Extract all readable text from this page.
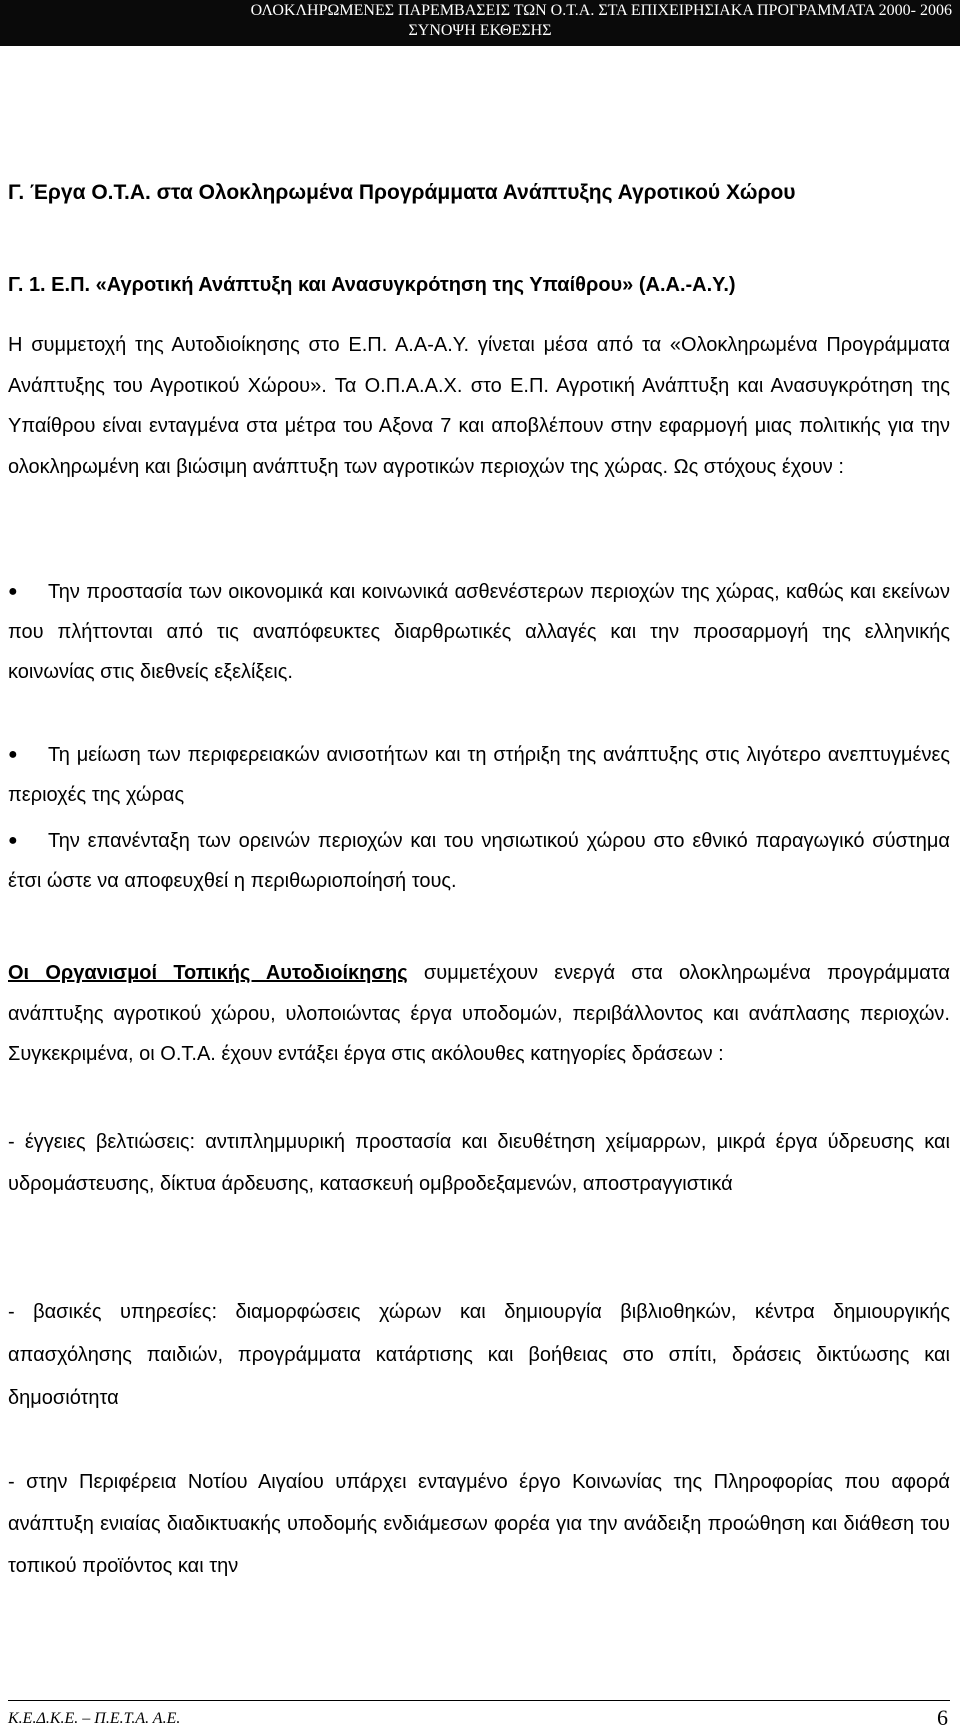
ΟΛΟΚΛΗΡΩΜΕΝΕΣ ΠΑΡΕΜΒΑΣΕΙΣ ΤΩΝ Ο.Τ.Α. ΣΤΑ ΕΠΙΧΕΙΡΗΣΙΑΚΑ ΠΡΟΓΡΑΜΜΑΤΑ 2000- 2006
ΣΥΝΟΨΗ ΕΚΘΕΣΗΣ
Γ. Έργα Ο.Τ.Α. στα Ολοκληρωμένα Προγράμματα Ανάπτυξης Αγροτικού Χώρου
Γ. 1. Ε.Π. «Αγροτική Ανάπτυξη και Ανασυγκρότηση της Υπαίθρου» (Α.Α.-Α.Υ.)
Η συμμετοχή της Αυτοδιοίκησης στο Ε.Π. Α.Α-Α.Υ. γίνεται μέσα από τα «Ολοκληρωμένα Προγράμματα Ανάπτυξης του Αγροτικού Χώρου». Τα Ο.Π.Α.Α.Χ. στο Ε.Π. Αγροτική Ανάπτυξη και Ανασυγκρότηση της Υπαίθρου είναι ενταγμένα στα μέτρα του Αξονα 7 και αποβλέπουν στην εφαρμογή μιας πολιτικής για την ολοκληρωμένη και βιώσιμη ανάπτυξη των αγροτικών περιοχών της χώρας. Ως στόχους έχουν :
●	Την προστασία των οικονομικά και κοινωνικά ασθενέστερων περιοχών της χώρας, καθώς και εκείνων που πλήττονται από τις αναπόφευκτες διαρθρωτικές αλλαγές και την προσαρμογή της ελληνικής κοινωνίας στις διεθνείς εξελίξεις.
●	Τη μείωση των περιφερειακών ανισοτήτων και τη στήριξη της ανάπτυξης στις λιγότερο ανεπτυγμένες περιοχές της χώρας
●	Την επανένταξη των ορεινών περιοχών και του νησιωτικού χώρου στο εθνικό παραγωγικό σύστημα έτσι ώστε να αποφευχθεί η περιθωριοποίησή τους.
Οι Οργανισμοί Τοπικής Αυτοδιοίκησης συμμετέχουν ενεργά στα ολοκληρωμένα προγράμματα ανάπτυξης αγροτικού χώρου, υλοποιώντας έργα υποδομών, περιβάλλοντος και ανάπλασης περιοχών. Συγκεκριμένα, οι Ο.Τ.Α. έχουν εντάξει έργα στις ακόλουθες κατηγορίες δράσεων :

- έγγειες βελτιώσεις: αντιπλημμυρική προστασία και διευθέτηση χείμαρρων, μικρά έργα ύδρευσης και υδρομάστευσης, δίκτυα άρδευσης, κατασκευή ομβροδεξαμενών, αποστραγγιστικά

- βασικές υπηρεσίες: διαμορφώσεις χώρων και δημιουργία βιβλιοθηκών, κέντρα δημιουργικής απασχόλησης παιδιών, προγράμματα κατάρτισης και βοήθειας στο σπίτι, δράσεις δικτύωσης και δημοσιότητα

- στην Περιφέρεια Νοτίου Αιγαίου υπάρχει ενταγμένο έργο Κοινωνίας της Πληροφορίας που αφορά ανάπτυξη ενιαίας διαδικτυακής υποδομής ενδιάμεσων φορέα για την ανάδειξη προώθηση και διάθεση του τοπικού προϊόντος και την

Κ.Ε.Δ.Κ.Ε. – Π.Ε.Τ.Α. Α.Ε.	6
